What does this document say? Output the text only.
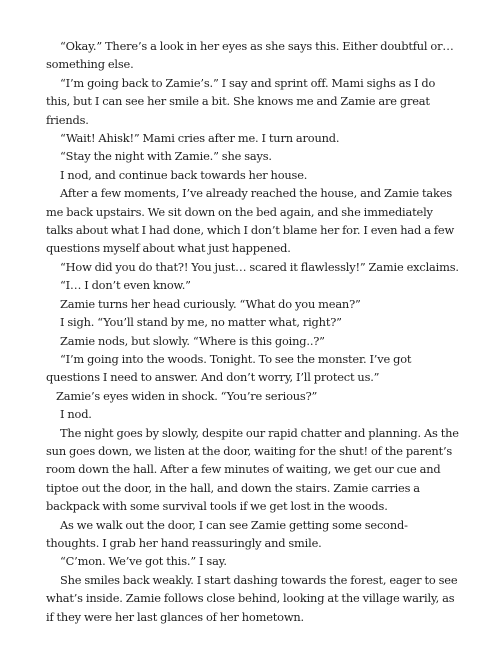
“Okay.” There’s a look in her eyes as she says this. Either doubtful or… something else.

“I’m going back to Zamie’s.” I say and sprint off. Mami sighs as I do this, but I can see her smile a bit. She knows me and Zamie are great friends.

“Wait! Ahisk!” Mami cries after me. I turn around.

“Stay the night with Zamie.” she says.

I nod, and continue back towards her house.

After a few moments, I’ve already reached the house, and Zamie takes me back upstairs. We sit down on the bed again, and she immediately talks about what I had done, which I don’t blame her for. I even had a few questions myself about what just happened.

“How did you do that?! You just… scared it flawlessly!” Zamie exclaims.

“I… I don’t even know.”

Zamie turns her head curiously. “What do you mean?”

I sigh. “You’ll stand by me, no matter what, right?”

Zamie nods, but slowly. “Where is this going..?”

“I’m going into the woods. Tonight. To see the monster. I’ve got questions I need to answer. And don’t worry, I’ll protect us.”

Zamie’s eyes widen in shock. “You’re serious?”

I nod.

The night goes by slowly, despite our rapid chatter and planning. As the sun goes down, we listen at the door, waiting for the shut! of the parent’s room down the hall. After a few minutes of waiting, we get our cue and tiptoe out the door, in the hall, and down the stairs. Zamie carries a backpack with some survival tools if we get lost in the woods.

As we walk out the door, I can see Zamie getting some second-thoughts. I grab her hand reassuringly and smile.

“C’mon. We’ve got this.” I say.

She smiles back weakly. I start dashing towards the forest, eager to see what’s inside. Zamie follows close behind, looking at the village warily, as if they were her last glances of her hometown.
